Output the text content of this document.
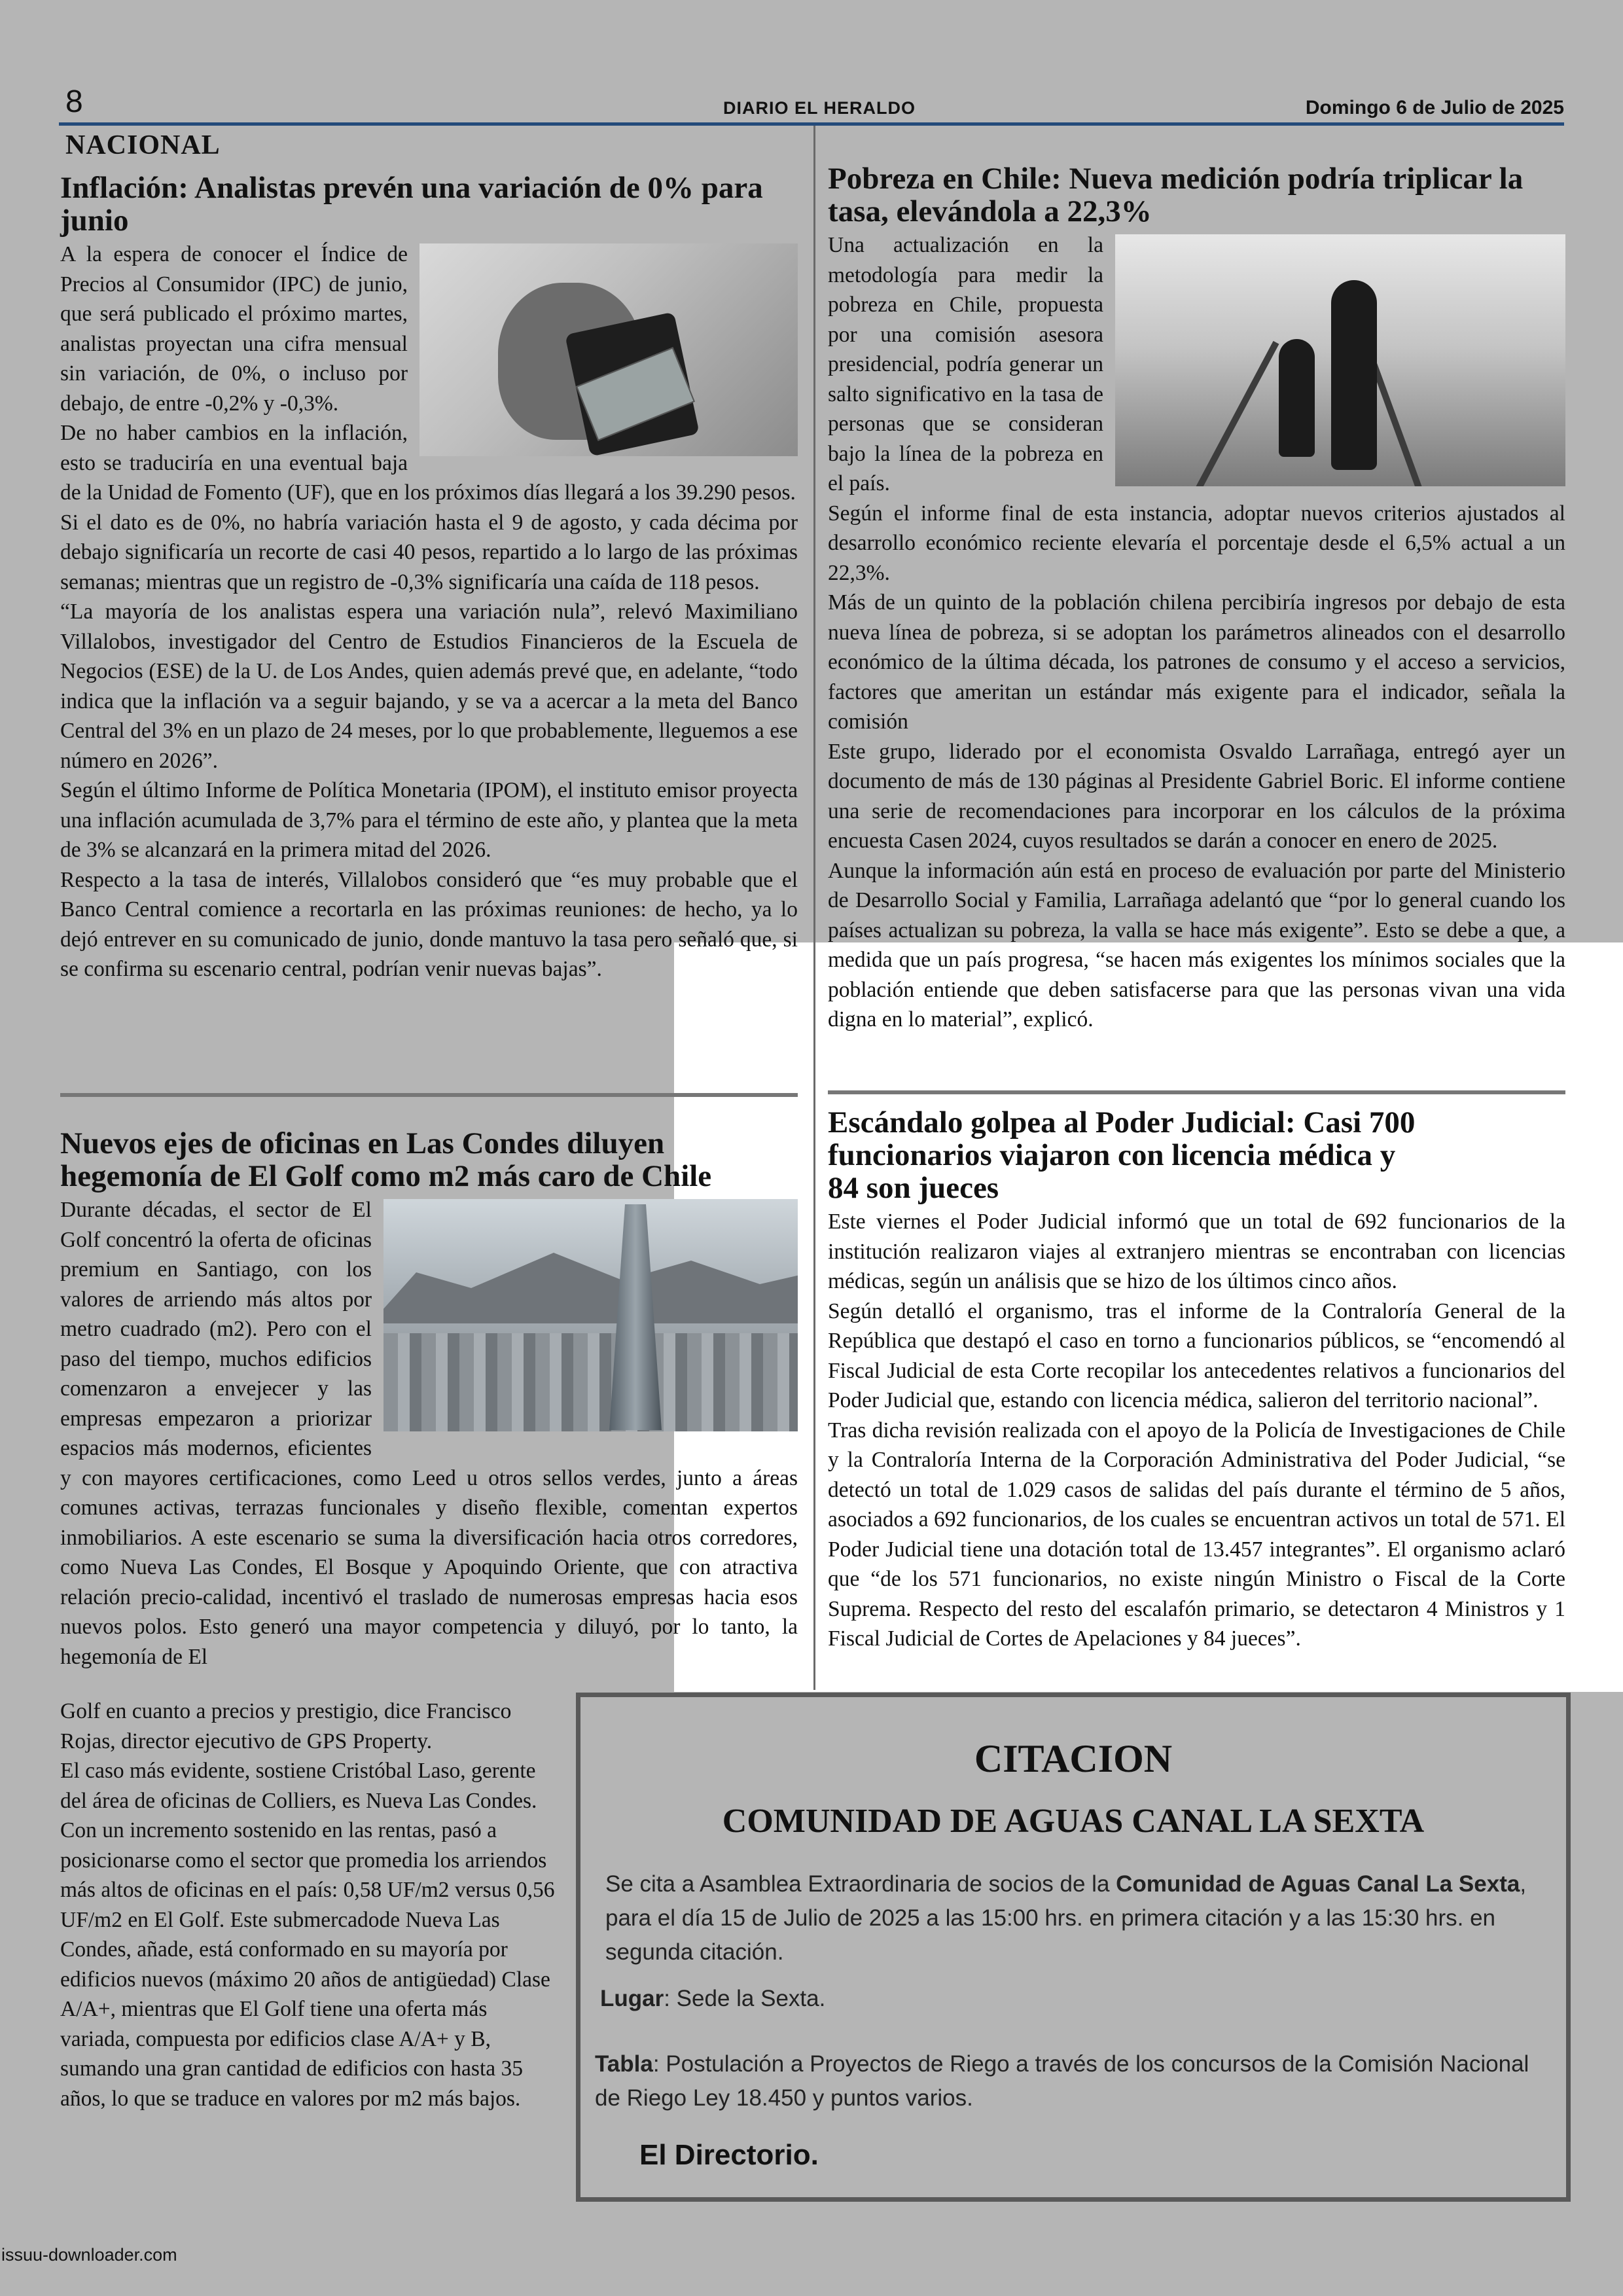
8	DIARIO EL HERALDO	Domingo 6 de Julio de 2025
NACIONAL
Inflación: Analistas prevén una variación de 0% para junio

A la espera de conocer el Índice de Precios al Consumidor (IPC) de junio, que será publicado el próximo martes, analistas proyectan una cifra mensual sin variación, de 0%, o incluso por debajo, de entre -0,2% y -0,3%.

De no haber cambios en la inflación, esto se traduciría en una eventual baja de la Unidad de Fomento (UF), que en los próximos días llegará a los 39.290 pesos.

Si el dato es de 0%, no habría variación hasta el 9 de agosto, y cada décima por debajo significaría un recorte de casi 40 pesos, repartido a lo largo de las próximas semanas; mientras que un registro de -0,3% significaría una caída de 118 pesos.

“La mayoría de los analistas espera una variación nula”, relevó Maximiliano Villalobos, investigador del Centro de Estudios Financieros de la Escuela de Negocios (ESE) de la U. de Los Andes, quien además prevé que, en adelante, “todo indica que la inflación va a seguir bajando, y se va a acercar a la meta del Banco Central del 3% en un plazo de 24 meses, por lo que probablemente, lleguemos a ese número en 2026”.

Según el último Informe de Política Monetaria (IPOM), el instituto emisor proyecta una inflación acumulada de 3,7% para el término de este año, y plantea que la meta de 3% se alcanzará en la primera mitad del 2026.

Respecto a la tasa de interés, Villalobos consideró que “es muy probable que el Banco Central comience a recortarla en las próximas reuniones: de hecho, ya lo dejó entrever en su comunicado de junio, donde mantuvo la tasa pero señaló que, si se confirma su escenario central, podrían venir nuevas bajas”.

Pobreza en Chile: Nueva medición podría triplicar la tasa, elevándola a 22,3%

Una actualización en la metodología para medir la pobreza en Chile, propuesta por una comisión asesora presidencial, podría generar un salto significativo en la tasa de personas que se consideran bajo la línea de la pobreza en el país.

Según el informe final de esta instancia, adoptar nuevos criterios ajustados al desarrollo económico reciente elevaría el porcentaje desde el 6,5% actual a un 22,3%.

Más de un quinto de la población chilena percibiría ingresos por debajo de esta nueva línea de pobreza, si se adoptan los parámetros alineados con el desarrollo económico de la última década, los patrones de consumo y el acceso a servicios, factores que ameritan un estándar más exigente para el indicador, señala la comisión

Este grupo, liderado por el economista Osvaldo Larrañaga, entregó ayer un documento de más de 130 páginas al Presidente Gabriel Boric. El informe contiene una serie de recomendaciones para incorporar en los cálculos de la próxima encuesta Casen 2024, cuyos resultados se darán a conocer en enero de 2025.

Aunque la información aún está en proceso de evaluación por parte del Ministerio de Desarrollo Social y Familia, Larrañaga adelantó que “por lo general cuando los países actualizan su pobreza, la valla se hace más exigente”. Esto se debe a que, a medida que un país progresa, “se hacen más exigentes los mínimos sociales que la población entiende que deben satisfacerse para que las personas vivan una vida digna en lo material”, explicó.

Nuevos ejes de oficinas en Las Condes diluyen hegemonía de El Golf como m2 más caro de Chile

Durante décadas, el sector de El Golf concentró la oferta de oficinas premium en Santiago, con los valores de arriendo más altos por metro cuadrado (m2). Pero con el paso del tiempo, muchos edificios comenzaron a envejecer y las empresas empezaron a priorizar espacios más modernos, eficientes y con mayores certificaciones, como Leed u otros sellos verdes, junto a áreas comunes activas, terrazas funcionales y diseño flexible, comentan expertos inmobiliarios. A este escenario se suma la diversificación hacia otros corredores, como Nueva Las Condes, El Bosque y Apoquindo Oriente, que con atractiva relación precio-calidad, incentivó el traslado de numerosas empresas hacia esos nuevos polos. Esto generó una mayor competencia y diluyó, por lo tanto, la hegemonía de El

Golf en cuanto a precios y prestigio, dice Francisco Rojas, director ejecutivo de GPS Property.

El caso más evidente, sostiene Cristóbal Laso, gerente del área de oficinas de Colliers, es Nueva Las Condes. Con un incremento sostenido en las rentas, pasó a posicionarse como el sector que promedia los arriendos más altos de oficinas en el país: 0,58 UF/m2 versus 0,56 UF/m2 en El Golf. Este submercadode Nueva Las Condes, añade, está conformado en su mayoría por edificios nuevos (máximo 20 años de antigüedad) Clase A/A+, mientras que El Golf tiene una oferta más variada, compuesta por edificios clase A/A+ y B, sumando una gran cantidad de edificios con hasta 35 años, lo que se traduce en valores por m2 más bajos.

Escándalo golpea al Poder Judicial: Casi 700 funcionarios viajaron con licencia médica y 84 son jueces

Este viernes el Poder Judicial informó que un total de 692 funcionarios de la institución realizaron viajes al extranjero mientras se encontraban con licencias médicas, según un análisis que se hizo de los últimos cinco años.

Según detalló el organismo, tras el informe de la Contraloría General de la República que destapó el caso en torno a funcionarios públicos, se “encomendó al Fiscal Judicial de esta Corte recopilar los antecedentes relativos a funcionarios del Poder Judicial que, estando con licencia médica, salieron del territorio nacional”.

Tras dicha revisión realizada con el apoyo de la Policía de Investigaciones de Chile y la Contraloría Interna de la Corporación Administrativa del Poder Judicial, “se detectó un total de 1.029 casos de salidas del país durante el término de 5 años, asociados a 692 funcionarios, de los cuales se encuentran activos un total de 571. El Poder Judicial tiene una dotación total de 13.457 integrantes”. El organismo aclaró que “de los 571 funcionarios, no existe ningún Ministro o Fiscal de la Corte Suprema. Respecto del resto del escalafón primario, se detectaron 4 Ministros y 1 Fiscal Judicial de Cortes de Apelaciones y 84 jueces”.

CITACION
COMUNIDAD DE AGUAS CANAL LA SEXTA
Se cita a Asamblea Extraordinaria de socios de la Comunidad de Aguas Canal La Sexta, para el día 15 de Julio de 2025 a las 15:00 hrs. en primera citación y a las 15:30 hrs. en segunda citación.
Lugar: Sede la Sexta.
Tabla: Postulación a Proyectos de Riego a través de los concursos de la Comisión Nacional de Riego Ley 18.450 y puntos varios.
El Directorio.
issuu-downloader.com
